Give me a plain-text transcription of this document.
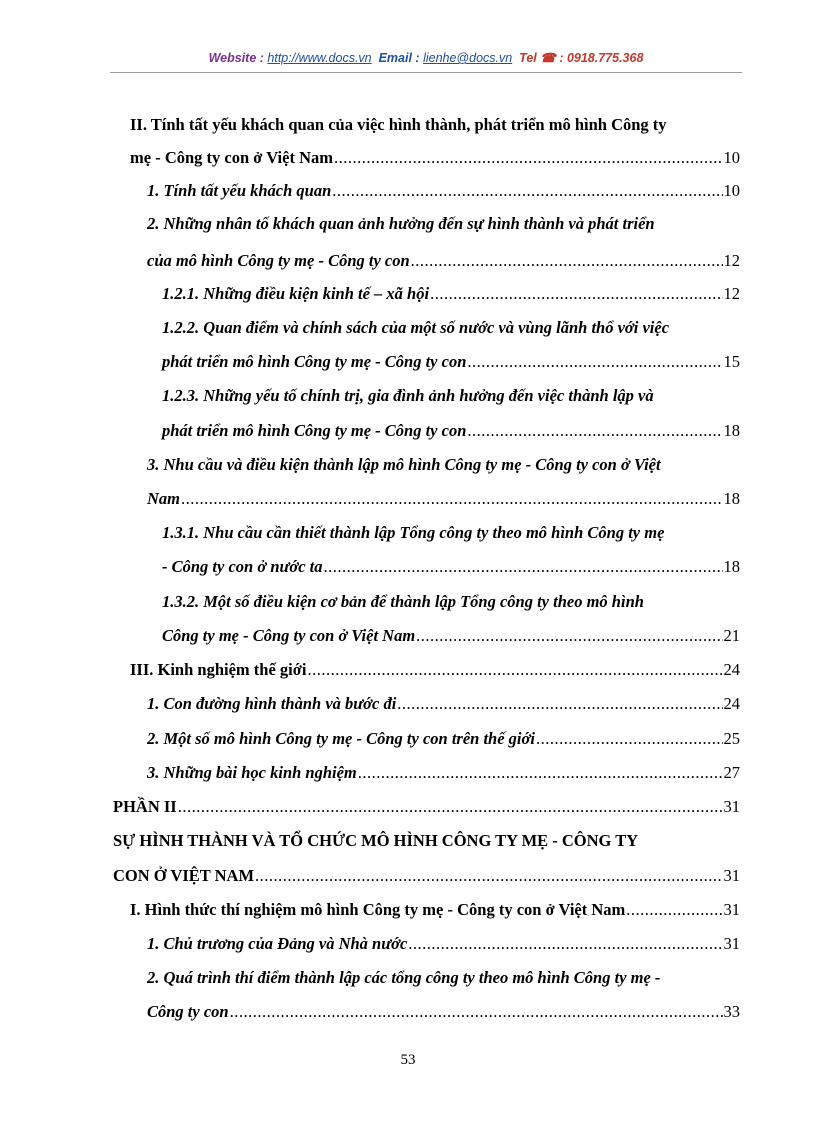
Website : http://www.docs.vn Email : lienhe@docs.vn Tel ☎ : 0918.775.368
II. Tính tất yếu khách quan của việc hình thành, phát triển mô hình Công ty
mẹ - Công ty con ở Việt Nam .....	10
1. Tính tất yếu khách quan .....	10
2. Những nhân tố khách quan ảnh hưởng đến sự hình thành và phát triển
của mô hình Công ty mẹ - Công ty con .....	12
1.2.1. Những điều kiện kinh tế – xã hội .....	12
1.2.2. Quan điểm và chính sách của một số nước và vùng lãnh thổ với việc
phát triển mô hình Công ty mẹ - Công ty con .....	15
1.2.3. Những yếu tố chính trị, gia đình ảnh hưởng đến việc thành lập và
phát triển mô hình Công ty mẹ - Công ty con .....	18
3. Nhu cầu và điều kiện thành lập mô hình Công ty mẹ - Công ty con ở Việt
Nam .....	18
1.3.1. Nhu cầu cần thiết thành lập Tổng công ty theo mô hình Công ty mẹ
- Công ty con ở nước ta .....	18
1.3.2. Một số điều kiện cơ bản để thành lập Tổng công ty theo mô hình
Công ty mẹ - Công ty con ở Việt Nam .....	21
III. Kinh nghiệm thế giới .....	24
1. Con đường hình thành và bước đi .....	24
2. Một số mô hình Công ty mẹ - Công ty con trên thế giới .....	25
3. Những bài học kinh nghiệm .....	27
PHẦN II .....	31
SỰ HÌNH THÀNH VÀ TỔ CHỨC MÔ HÌNH CÔNG TY MẸ - CÔNG TY
CON Ở VIỆT NAM .....	31
I. Hình thức thí nghiệm mô hình Công ty mẹ - Công ty con ở Việt Nam .....	31
1. Chủ trương của Đảng và Nhà nước .....	31
2. Quá trình thí điểm thành lập các tổng công ty theo mô hình Công ty mẹ -
Công ty con .....	33
53
